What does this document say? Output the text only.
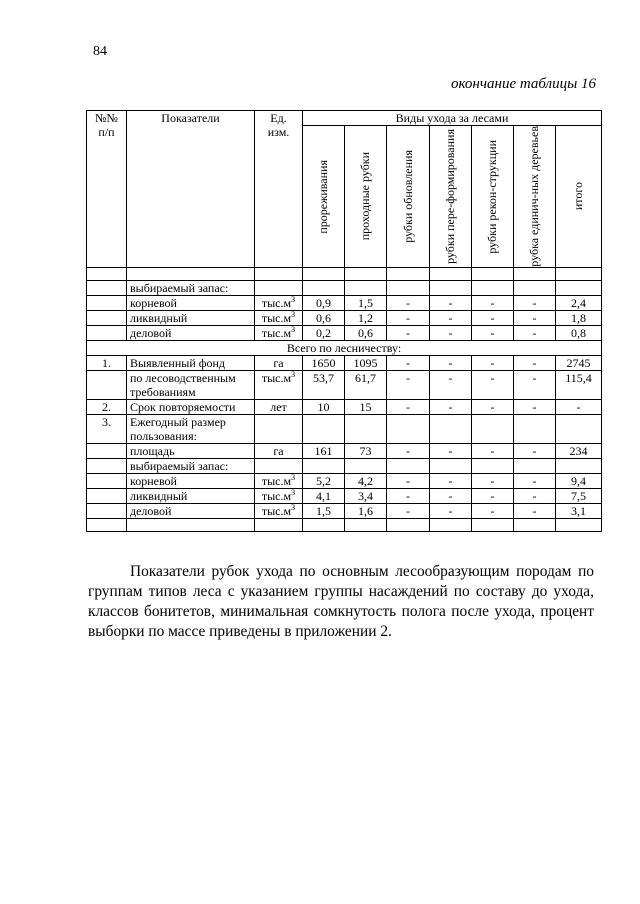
84
окончание таблицы 16
№№ п/п	Показатели	Ед. изм.	Виды ухода за лесами						

			прореживания	проходные рубки	рубки обновления	рубки пере-формирования	рубки рекон-струкции	рубка единич-ных деревьев	итого

	выбираемый запас:								
	корневой	$тыс.м^3$	0,9	1,5	-	-	-	-	2,4
	ликвидный	$тыс.м^3$	0,6	1,2	-	-	-	-	1,8
	деловой	$тыс.м^3$	0,2	0,6	-	-	-	-	0,8
Всего по лесничеству:									
1.	Выявленный фонд	га	1650	1095	-	-	-	-	2745
	по лесоводственным требованиям	$тыс.м^3$	53,7	61,7	-	-	-	-	115,4
2.	Срок повторяемости	лет	10	15	-	-	-	-	-
3.	Ежегодный размер пользования:								
	площадь	га	161	73	-	-	-	-	234
	выбираемый запас:								
	корневой	$тыс.м^3$	5,2	4,2	-	-	-	-	9,4
	ликвидный	$тыс.м^3$	4,1	3,4	-	-	-	-	7,5
	деловой	$тыс.м^3$	1,5	1,6	-	-	-	-	3,1

Показатели рубок ухода по основным лесообразующим породам по группам типов леса с указанием группы насаждений по составу до ухода, классов бонитетов, минимальная сомкнутость полога после ухода, процент выборки по массе приведены в приложении 2.
